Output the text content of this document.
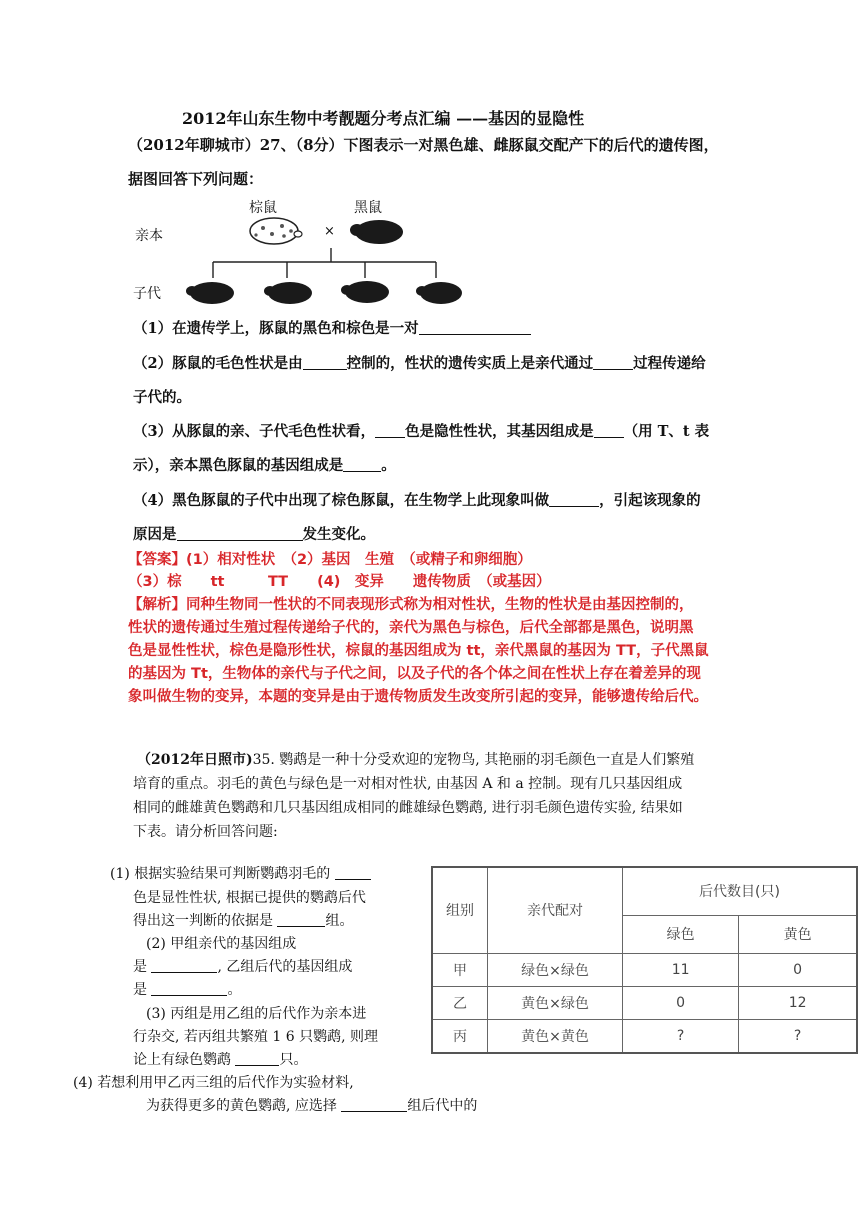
2012年山东生物中考靓题分考点汇编 ——基因的显隐性
（2012年聊城市）27、（8分）下图表示一对黑色雄、雌豚鼠交配产下的后代的遗传图，
据图回答下列问题：
棕鼠	黑鼠
亲本	×
子代
（1）在遗传学上，豚鼠的黑色和棕色是一对
（2）豚鼠的毛色性状是由	控制的，性状的遗传实质上是亲代通过	过程传递给
子代的。
（3）从豚鼠的亲、子代毛色性状看， 色是隐性性状，其基因组成是 （用 T、t 表
示），亲本黑色豚鼠的基因组成是	。
（4）黑色豚鼠的子代中出现了棕色豚鼠，在生物学上此现象叫做	，引起该现象的
原因是	发生变化。
【答案】(1）相对性状　（2）基因　生殖　（或精子和卵细胞）
（3）棕　　tt　　　TT　　(4)　变异　　遗传物质　（或基因）
【解析】同种生物同一性状的不同表现形式称为相对性状，生物的性状是由基因控制的，
性状的遗传通过生殖过程传递给子代的，亲代为黑色与棕色，后代全部都是黑色，说明黑
色是显性性状，棕色是隐形性状，棕鼠的基因组成为 tt，亲代黑鼠的基因为 TT，子代黑鼠
的基因为 Tt，生物体的亲代与子代之间，以及子代的各个体之间在性状上存在着差异的现
象叫做生物的变异，本题的变异是由于遗传物质发生改变所引起的变异，能够遗传给后代。
（2012年日照市)35. 鹦鹉是一种十分受欢迎的宠物鸟, 其艳丽的羽毛颜色一直是人们繁殖
培育的重点。羽毛的黄色与绿色是一对相对性状, 由基因 A 和 a 控制。现有几只基因组成
相同的雌雄黄色鹦鹉和几只基因组成相同的雌雄绿色鹦鹉, 进行羽毛颜色遗传实验, 结果如
下表。请分析回答问题:
(1) 根据实验结果可判断鹦鹉羽毛的
色是显性性状, 根据已提供的鹦鹉后代
得出这一判断的依据是	组。
(2) 甲组亲代的基因组成
是	, 乙组后代的基因组成
是	。
(3) 丙组是用乙组的后代作为亲本进
行杂交, 若丙组共繁殖 1 6 只鹦鹉, 则理
论上有绿色鹦鹉	只。
(4) 若想利用甲乙丙三组的后代作为实验材料,
为获得更多的黄色鹦鹉, 应选择	组后代中的
组别	亲代配对	后代数目(只)	
		绿色	黄色
甲	绿色×绿色	11	0
乙	黄色×绿色	0	12
丙	黄色×黄色	?	?
